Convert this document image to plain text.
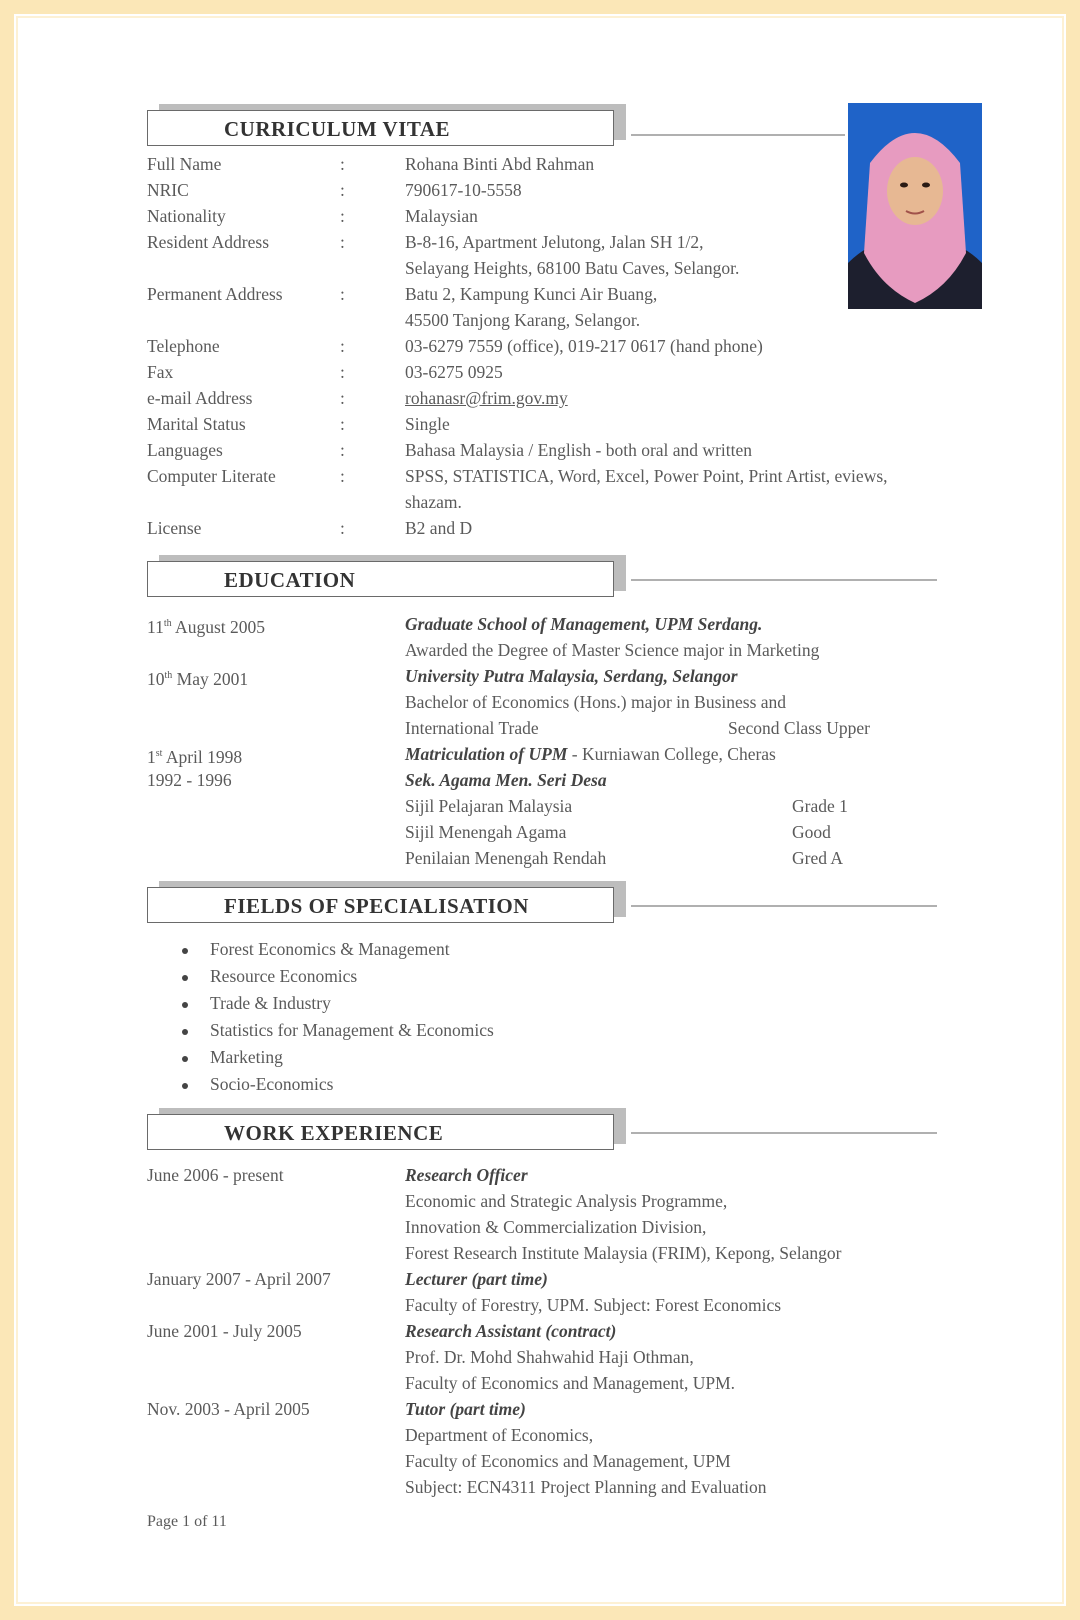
CURRICULUM VITAE
Full Name	:	Rohana Binti Abd Rahman
NRIC	:	790617-10-5558
Nationality	:	Malaysian
Resident Address	:	B-8-16, Apartment Jelutong, Jalan SH 1/2,
Selayang Heights, 68100 Batu Caves, Selangor.
Permanent Address	:	Batu 2, Kampung Kunci Air Buang,
45500 Tanjong Karang, Selangor.
Telephone	:	03-6279 7559 (office), 019-217 0617 (hand phone)
Fax	:	03-6275 0925
e-mail Address	:	rohanasr@frim.gov.my
Marital Status	:	Single
Languages	:	Bahasa Malaysia / English - both oral and written
Computer Literate	:	SPSS, STATISTICA, Word, Excel, Power Point, Print Artist, eviews,
shazam.
License	:	B2 and D
EDUCATION
11th August 2005	Graduate School of Management, UPM Serdang.
Awarded the Degree of Master Science major in Marketing
10th May 2001	University Putra Malaysia, Serdang, Selangor
Bachelor of Economics (Hons.) major in Business and
International Trade	Second Class Upper
1st April 1998	Matriculation of UPM - Kurniawan College, Cheras
1992 - 1996	Sek. Agama Men. Seri Desa
Sijil Pelajaran Malaysia	Grade 1
Sijil Menengah Agama	Good
Penilaian Menengah Rendah	Gred A
FIELDS OF SPECIALISATION
Forest Economics & Management
Resource Economics
Trade & Industry
Statistics for Management & Economics
Marketing
Socio-Economics
WORK EXPERIENCE
June 2006 - present	Research Officer
Economic and Strategic Analysis Programme,
Innovation & Commercialization Division,
Forest Research Institute Malaysia (FRIM), Kepong, Selangor
January 2007 - April 2007	Lecturer (part time)
Faculty of Forestry, UPM. Subject: Forest Economics
June 2001 - July 2005	Research Assistant (contract)
Prof. Dr. Mohd Shahwahid Haji Othman,
Faculty of Economics and Management, UPM.
Nov. 2003 - April 2005	Tutor (part time)
Department of Economics,
Faculty of Economics and Management, UPM
Subject: ECN4311 Project Planning and Evaluation
Page 1 of 11
